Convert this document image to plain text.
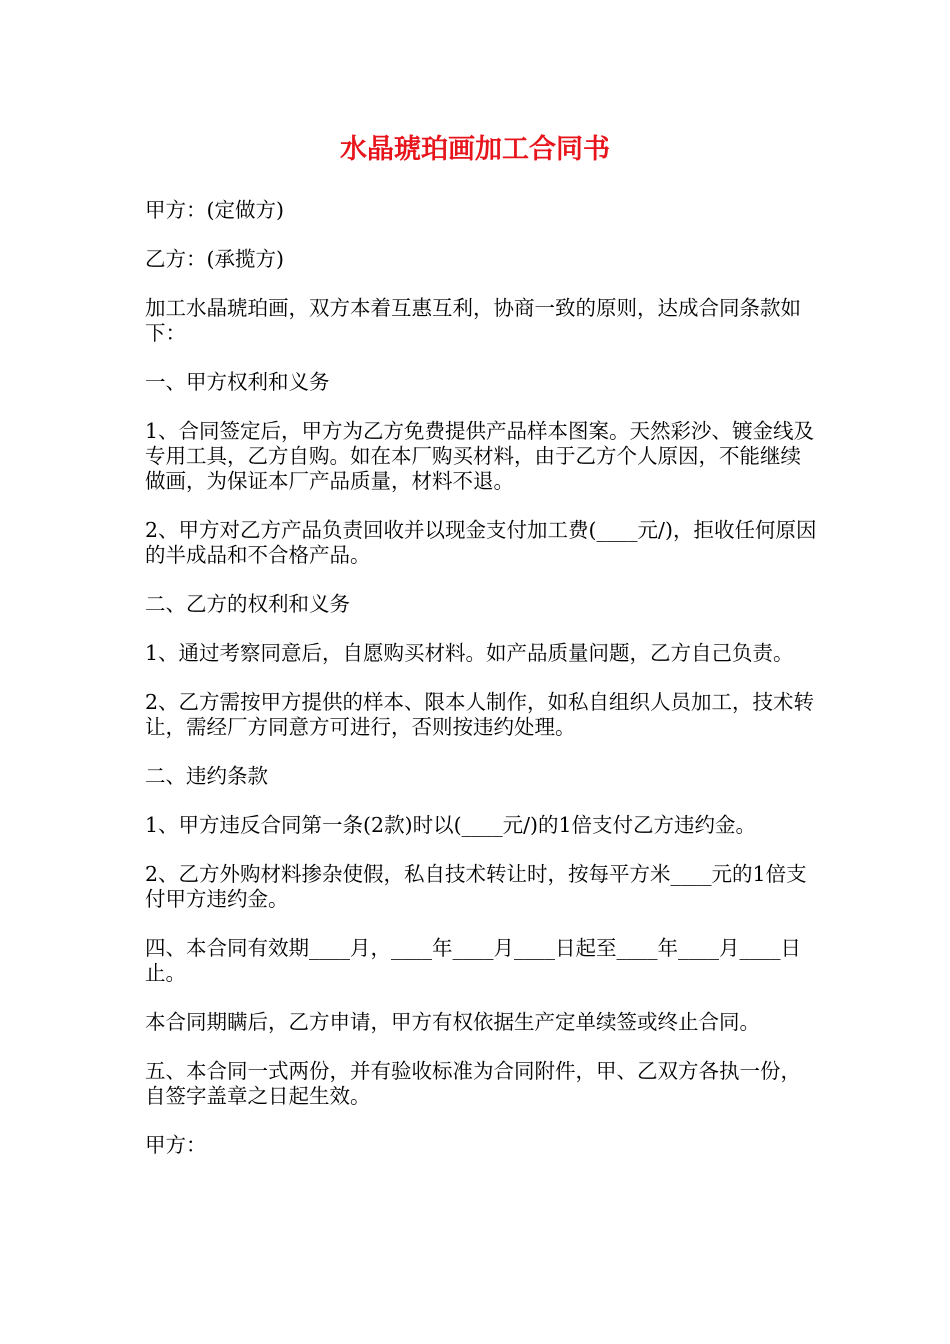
水晶琥珀画加工合同书

甲方：(定做方)

乙方：(承揽方)

加工水晶琥珀画，双方本着互惠互利，协商一致的原则，达成合同条款如下：

一、甲方权利和义务

1、合同签定后，甲方为乙方免费提供产品样本图案。天然彩沙、镀金线及专用工具，乙方自购。如在本厂购买材料，由于乙方个人原因，不能继续做画，为保证本厂产品质量，材料不退。

2、甲方对乙方产品负责回收并以现金支付加工费(____元/)，拒收任何原因的半成品和不合格产品。

二、乙方的权利和义务

1、通过考察同意后，自愿购买材料。如产品质量问题，乙方自己负责。

2、乙方需按甲方提供的样本、限本人制作，如私自组织人员加工，技术转让，需经厂方同意方可进行，否则按违约处理。

二、违约条款

1、甲方违反合同第一条(2款)时以(____元/)的1倍支付乙方违约金。

2、乙方外购材料掺杂使假，私自技术转让时，按每平方米____元的1倍支付甲方违约金。

四、本合同有效期____月，____年____月____日起至____年____月____日止。

本合同期瞒后，乙方申请，甲方有权依据生产定单续签或终止合同。

五、本合同一式两份，并有验收标准为合同附件，甲、乙双方各执一份，自签字盖章之日起生效。

甲方：
